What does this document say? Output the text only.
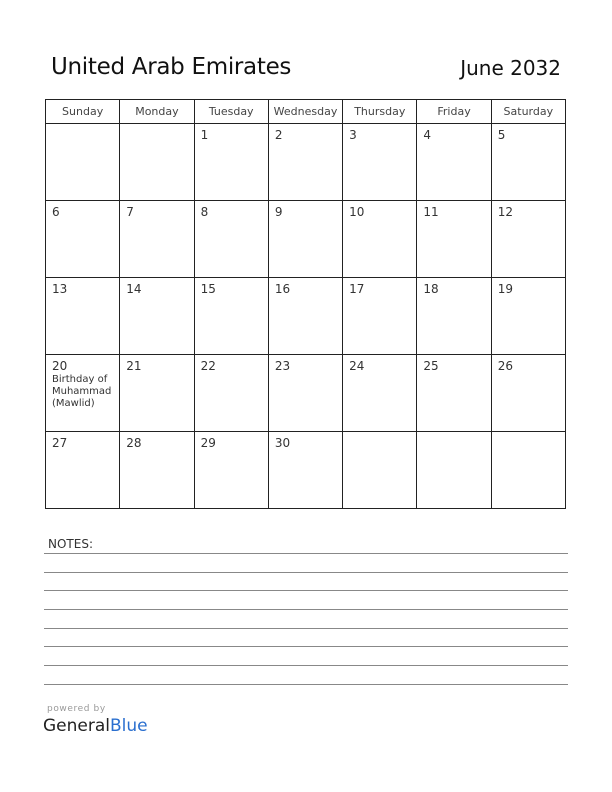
United Arab Emirates	June 2032
Sunday	Monday	Tuesday	Wednesday	Thursday	Friday	Saturday

		1	2	3	4	5

6	7	8	9	10	11	12

13	14	15	16	17	18	19

20
Birthday of Muhammad (Mawlid)	21	22	23	24	25	26

27	28	29	30			

NOTES:
powered by
GeneralBlue
